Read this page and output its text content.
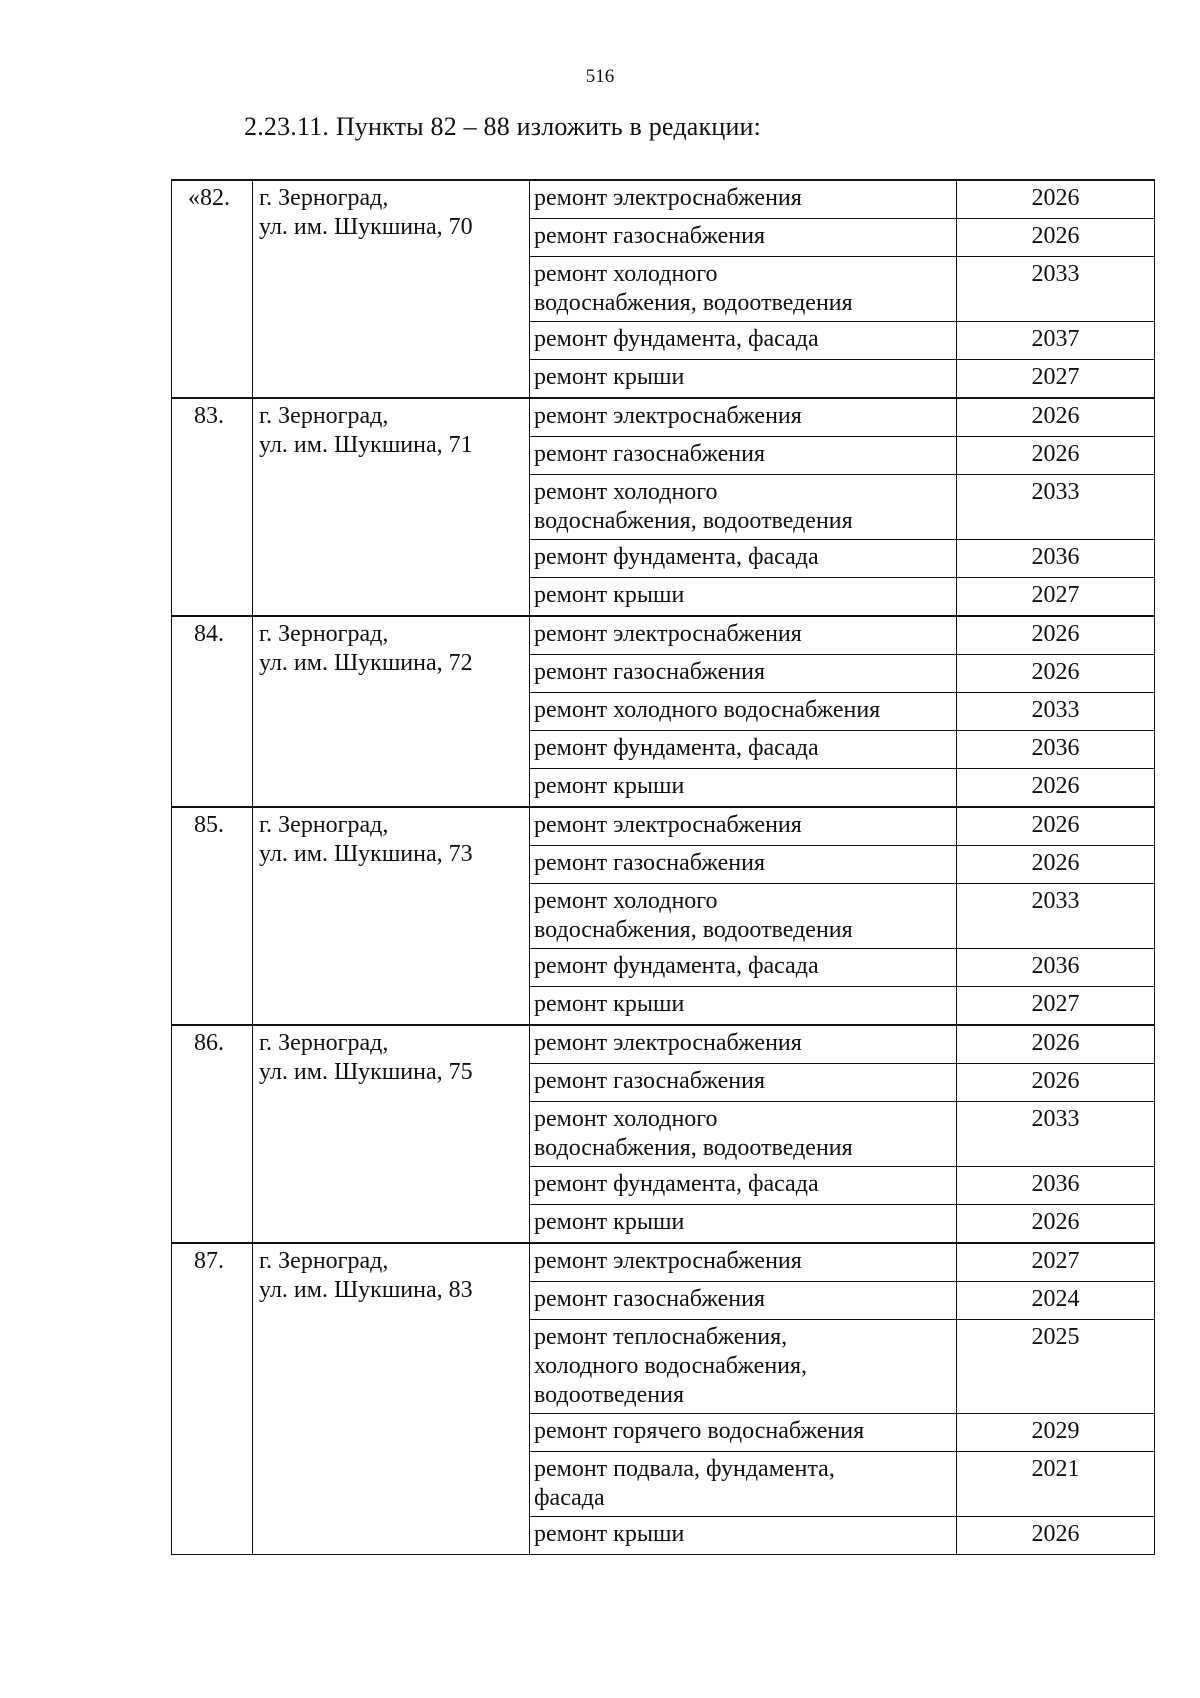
516
2.23.11. Пункты 82 – 88 изложить в редакции:
«82.	г. Зерноград,
ул. им. Шукшина, 70	ремонт электроснабжения	2026

		ремонт газоснабжения	2026

		ремонт холодного
водоснабжения, водоотведения	2033

		ремонт фундамента, фасада	2037

		ремонт крыши	2027
83.	г. Зерноград,
ул. им. Шукшина, 71	ремонт электроснабжения	2026

		ремонт газоснабжения	2026

		ремонт холодного
водоснабжения, водоотведения	2033

		ремонт фундамента, фасада	2036

		ремонт крыши	2027
84.	г. Зерноград,
ул. им. Шукшина, 72	ремонт электроснабжения	2026

		ремонт газоснабжения	2026

		ремонт холодного водоснабжения	2033

		ремонт фундамента, фасада	2036

		ремонт крыши	2026
85.	г. Зерноград,
ул. им. Шукшина, 73	ремонт электроснабжения	2026

		ремонт газоснабжения	2026

		ремонт холодного
водоснабжения, водоотведения	2033

		ремонт фундамента, фасада	2036

		ремонт крыши	2027
86.	г. Зерноград,
ул. им. Шукшина, 75	ремонт электроснабжения	2026

		ремонт газоснабжения	2026

		ремонт холодного
водоснабжения, водоотведения	2033

		ремонт фундамента, фасада	2036

		ремонт крыши	2026
87.	г. Зерноград,
ул. им. Шукшина, 83	ремонт электроснабжения	2027

		ремонт газоснабжения	2024

		ремонт теплоснабжения,
холодного водоснабжения,
водоотведения	2025

		ремонт горячего водоснабжения	2029

		ремонт подвала, фундамента,
фасада	2021

		ремонт крыши	2026
